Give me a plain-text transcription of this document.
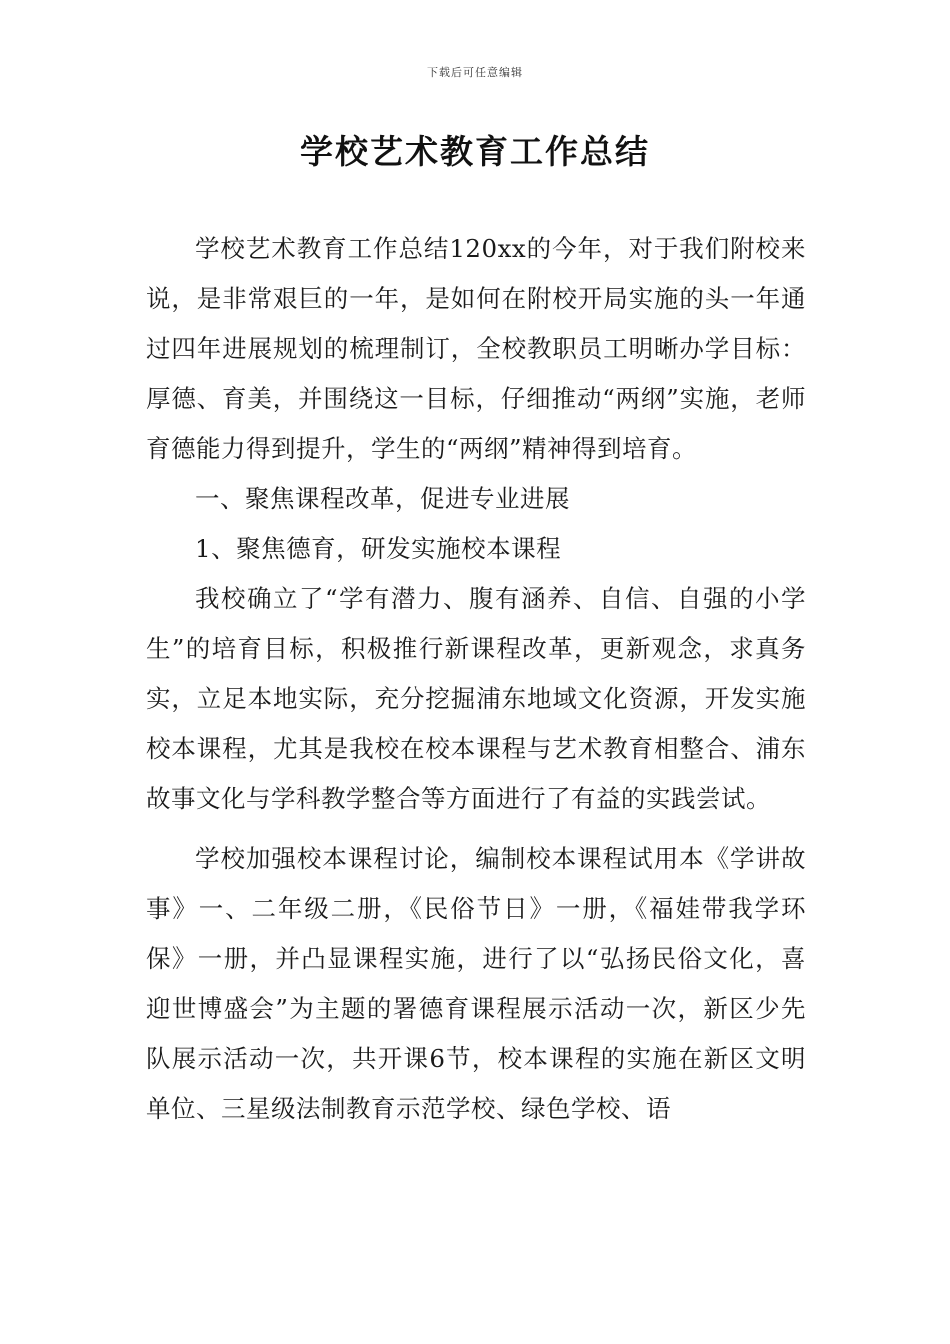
下载后可任意编辑
学校艺术教育工作总结

学校艺术教育工作总结120xx的今年，对于我们附校来说，是非常艰巨的一年，是如何在附校开局实施的头一年通过四年进展规划的梳理制订，全校教职员工明晰办学目标：厚德、育美，并围绕这一目标，仔细推动“两纲”实施，老师育德能力得到提升，学生的“两纲”精神得到培育。

一、聚焦课程改革，促进专业进展

1、聚焦德育，研发实施校本课程

我校确立了“学有潜力、腹有涵养、自信、自强的小学生”的培育目标，积极推行新课程改革，更新观念，求真务实，立足本地实际，充分挖掘浦东地域文化资源，开发实施校本课程，尤其是我校在校本课程与艺术教育相整合、浦东故事文化与学科教学整合等方面进行了有益的实践尝试。

学校加强校本课程讨论，编制校本课程试用本《学讲故事》一、二年级二册，《民俗节日》一册，《福娃带我学环保》一册，并凸显课程实施，进行了以“弘扬民俗文化，喜迎世博盛会”为主题的署德育课程展示活动一次，新区少先队展示活动一次，共开课6节，校本课程的实施在新区文明单位、三星级法制教育示范学校、绿色学校、语
